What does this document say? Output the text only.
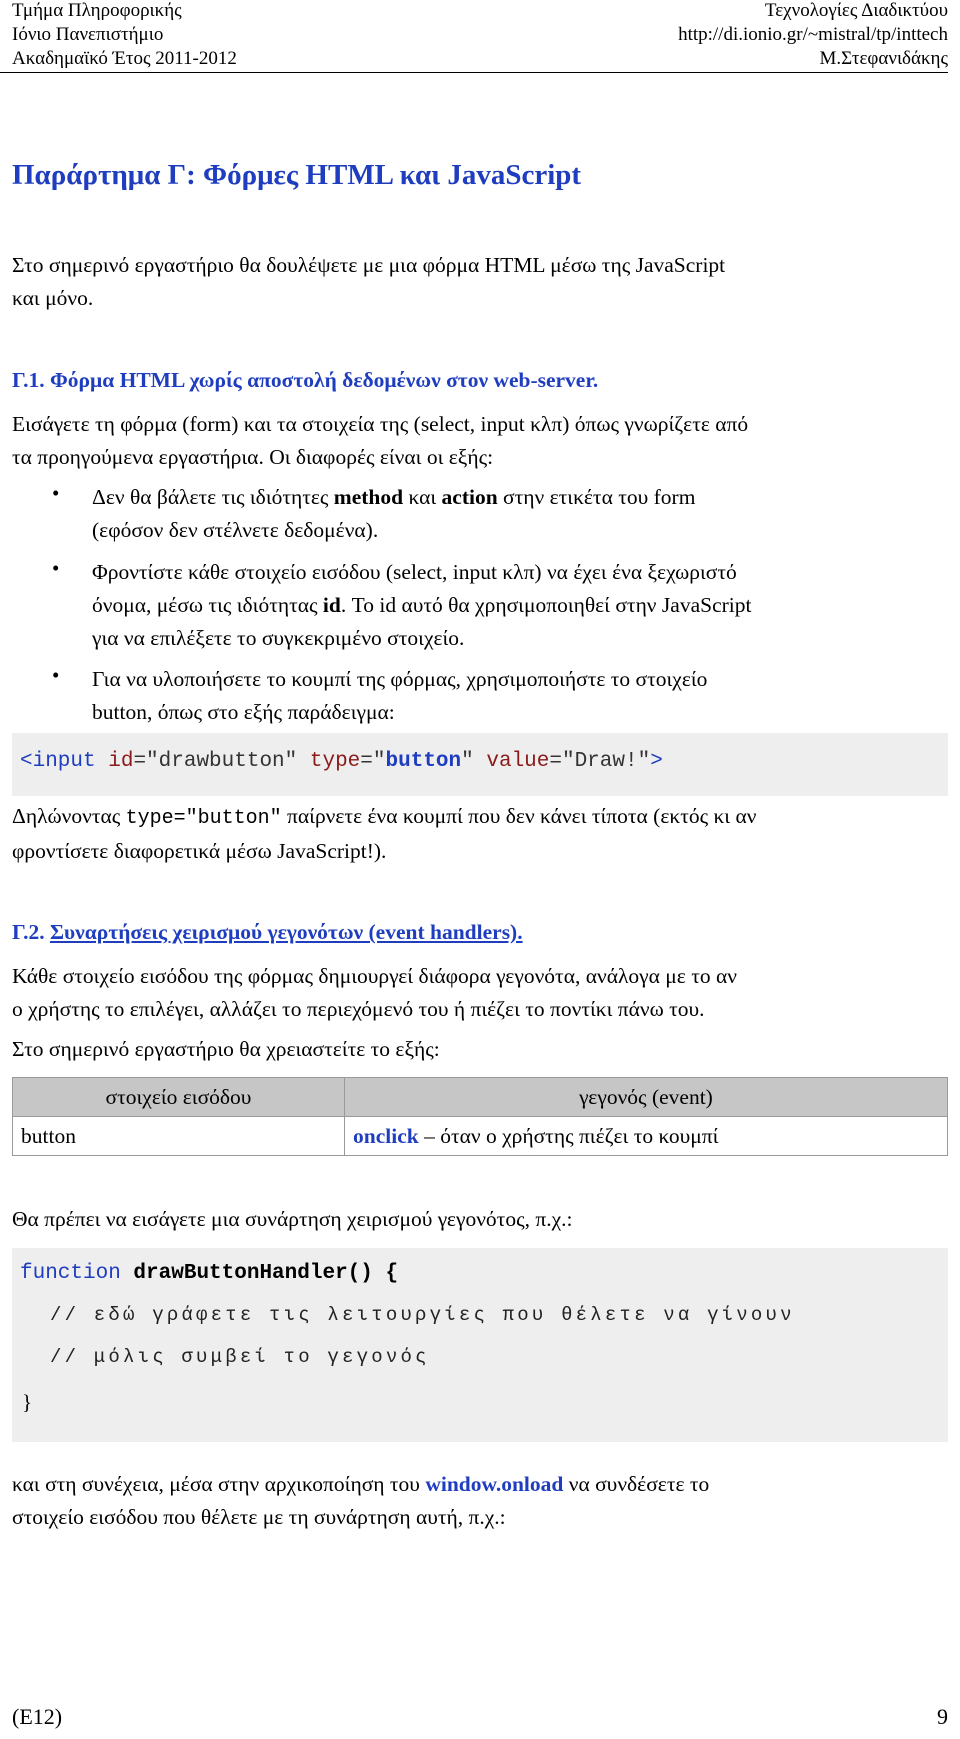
Τμήμα Πληροφορικής
Ιόνιο Πανεπιστήμιο
Ακαδημαϊκό Έτος 2011-2012
Τεχνολογίες Διαδικτύου
http://di.ionio.gr/~mistral/tp/inttech
Μ.Στεφανιδάκης
Παράρτημα Γ: Φόρμες HTML και JavaScript
Στο σημερινό εργαστήριο θα δουλέψετε με μια φόρμα HTML μέσω της JavaScript
και μόνο.
Γ.1. Φόρμα HTML χωρίς αποστολή δεδομένων στον web-server.
Εισάγετε τη φόρμα (form) και τα στοιχεία της (select, input κλπ) όπως γνωρίζετε από
τα προηγούμενα εργαστήρια. Οι διαφορές είναι οι εξής:
• Δεν θα βάλετε τις ιδιότητες method και action στην ετικέτα του form
(εφόσον δεν στέλνετε δεδομένα).
• Φροντίστε κάθε στοιχείο εισόδου (select, input κλπ) να έχει ένα ξεχωριστό
όνομα, μέσω τις ιδιότητας id. Το id αυτό θα χρησιμοποιηθεί στην JavaScript
για να επιλέξετε το συγκεκριμένο στοιχείο.
• Για να υλοποιήσετε το κουμπί της φόρμας, χρησιμοποιήστε το στοιχείο
button, όπως στο εξής παράδειγμα:
<input id="drawbutton" type="button" value="Draw!">
Δηλώνοντας type="button" παίρνετε ένα κουμπί που δεν κάνει τίποτα (εκτός κι αν
φροντίσετε διαφορετικά μέσω JavaScript!).
Γ.2. Συναρτήσεις χειρισμού γεγονότων (event handlers).
Κάθε στοιχείο εισόδου της φόρμας δημιουργεί διάφορα γεγονότα, ανάλογα με το αν
ο χρήστης το επιλέγει, αλλάζει το περιεχόμενό του ή πιέζει το ποντίκι πάνω του.
Στο σημερινό εργαστήριο θα χρειαστείτε το εξής:
στοιχείο εισόδου	γεγονός (event)
button	onclick – όταν ο χρήστης πιέζει το κουμπί
Θα πρέπει να εισάγετε μια συνάρτηση χειρισμού γεγονότος, π.χ.:
function drawButtonHandler() {
// εδώ γράφετε τις λειτουργίες που θέλετε να γίνουν
// μόλις συμβεί το γεγονός
}
και στη συνέχεια, μέσα στην αρχικοποίηση του window.onload να συνδέσετε το
στοιχείο εισόδου που θέλετε με τη συνάρτηση αυτή, π.χ.:
(Ε12)	9
